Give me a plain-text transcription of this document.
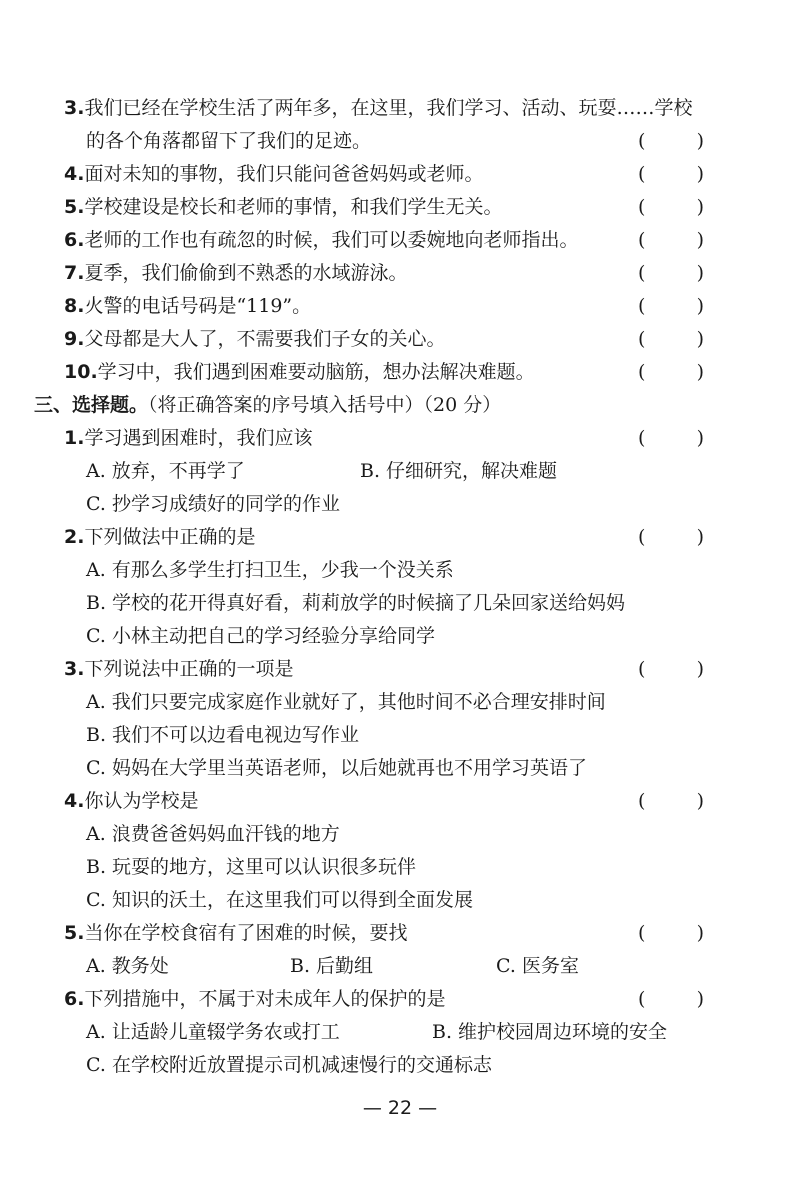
3.我们已经在学校生活了两年多，在这里，我们学习、活动、玩耍……学校
的各个角落都留下了我们的足迹。	(	)
4.面对未知的事物，我们只能问爸爸妈妈或老师。	(	)
5.学校建设是校长和老师的事情，和我们学生无关。	(	)
6.老师的工作也有疏忽的时候，我们可以委婉地向老师指出。	(	)
7.夏季，我们偷偷到不熟悉的水域游泳。	(	)
8.火警的电话号码是“119”。	(	)
9.父母都是大人了，不需要我们子女的关心。	(	)
10.学习中，我们遇到困难要动脑筋，想办法解决难题。	(	)
三、选择题。（将正确答案的序号填入括号中）（20 分）
1.学习遇到困难时，我们应该	(	)
A. 放弃，不再学了	B. 仔细研究，解决难题
C. 抄学习成绩好的同学的作业
2.下列做法中正确的是	(	)
A. 有那么多学生打扫卫生，少我一个没关系
B. 学校的花开得真好看，莉莉放学的时候摘了几朵回家送给妈妈
C. 小林主动把自己的学习经验分享给同学
3.下列说法中正确的一项是	(	)
A. 我们只要完成家庭作业就好了，其他时间不必合理安排时间
B. 我们不可以边看电视边写作业
C. 妈妈在大学里当英语老师，以后她就再也不用学习英语了
4.你认为学校是	(	)
A. 浪费爸爸妈妈血汗钱的地方
B. 玩耍的地方，这里可以认识很多玩伴
C. 知识的沃土，在这里我们可以得到全面发展
5.当你在学校食宿有了困难的时候，要找	(	)
A. 教务处	B. 后勤组	C. 医务室
6.下列措施中，不属于对未成年人的保护的是	(	)
A. 让适龄儿童辍学务农或打工	B. 维护校园周边环境的安全
C. 在学校附近放置提示司机减速慢行的交通标志
— 22 —
